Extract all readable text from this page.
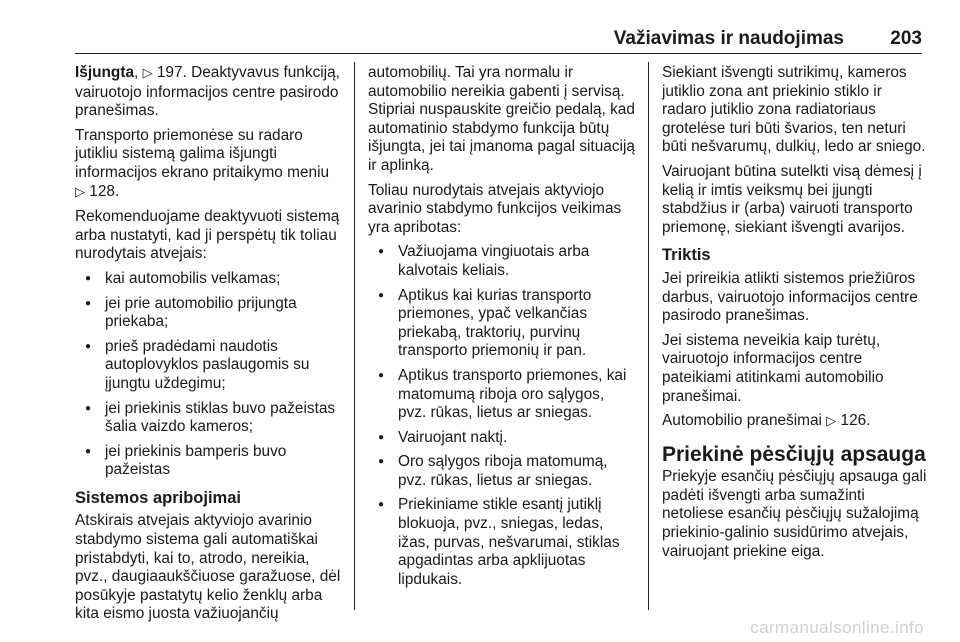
Važiavimas ir naudojimas 203

Išjungta, ▷ 197. Deaktyvavus funkciją, vairuotojo informacijos centre pasirodo pranešimas.

Transporto priemonėse su radaro jutikliu sistemą galima išjungti informacijos ekrano pritaikymo meniu
▷ 128.

Rekomenduojame deaktyvuoti sistemą arba nustatyti, kad ji perspėtų tik toliau nurodytais atvejais:

● kai automobilis velkamas;
● jei prie automobilio prijungta priekaba;
● prieš pradėdami naudotis autoplovyklos paslaugomis su įjungtu uždegimu;
● jei priekinis stiklas buvo pažeistas šalia vaizdo kameros;
● jei priekinis bamperis buvo pažeistas
Sistemos apribojimai

Atskirais atvejais aktyviojo avarinio stabdymo sistema gali automatiškai pristabdyti, kai to, atrodo, nereikia, pvz., daugiaaukščiuose garažuose, dėl posūkyje pastatytų kelio ženklų arba kita eismo juosta važiuojančių

automobilių. Tai yra normalu ir automobilio nereikia gabenti į servisą. Stipriai nuspauskite greičio pedalą, kad automatinio stabdymo funkcija būtų išjungta, jei tai įmanoma pagal situaciją ir aplinką.

Toliau nurodytais atvejais aktyviojo avarinio stabdymo funkcijos veikimas yra apribotas:

● Važiuojama vingiuotais arba kalvotais keliais.
● Aptikus kai kurias transporto priemones, ypač velkančias priekabą, traktorių, purvinų transporto priemonių ir pan.
● Aptikus transporto priemones, kai matomumą riboja oro sąlygos, pvz. rūkas, lietus ar sniegas.
● Vairuojant naktį.
● Oro sąlygos riboja matomumą, pvz. rūkas, lietus ar sniegas.
● Priekiniame stikle esantį jutiklį blokuoja, pvz., sniegas, ledas, ižas, purvas, nešvarumai, stiklas apgadintas arba apklijuotas lipdukais.

Siekiant išvengti sutrikimų, kameros jutiklio zona ant priekinio stiklo ir radaro jutiklio zona radiatoriaus grotelėse turi būti švarios, ten neturi būti nešvarumų, dulkių, ledo ar sniego.

Vairuojant būtina sutelkti visą dėmesį į kelią ir imtis veiksmų bei įjungti stabdžius ir (arba) vairuoti transporto priemonę, siekiant išvengti avarijos.

Triktis

Jei prireikia atlikti sistemos priežiūros darbus, vairuotojo informacijos centre pasirodo pranešimas.

Jei sistema neveikia kaip turėtų, vairuotojo informacijos centre pateikiami atitinkami automobilio pranešimai.

Automobilio pranešimai ▷ 126.

Priekinė pėsčiųjų apsauga

Priekyje esančių pėsčiųjų apsauga gali padėti išvengti arba sumažinti netoliese esančių pėsčiųjų sužalojimą priekinio-galinio susidūrimo atvejais, vairuojant priekine eiga.

carmanualsonline.info
